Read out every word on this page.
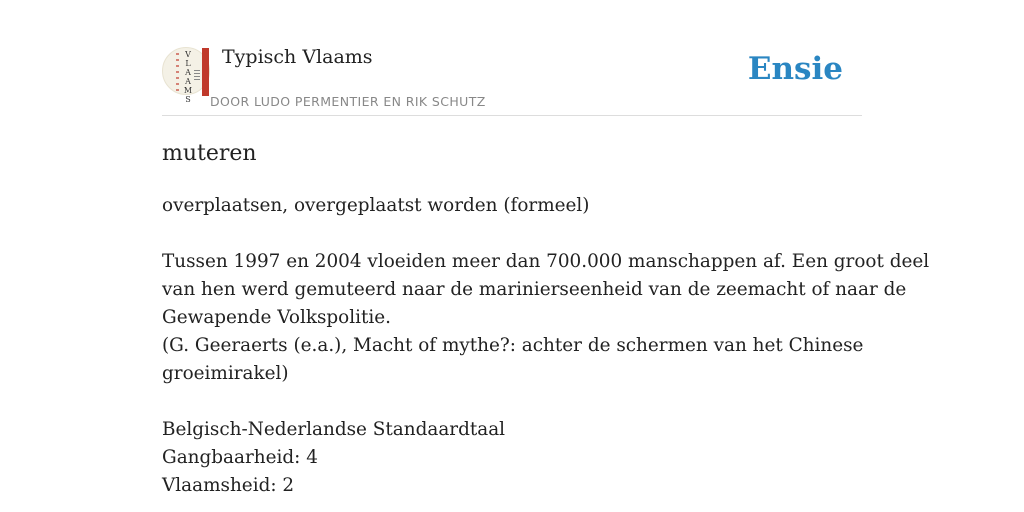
V
L
A
A
M
S
Typisch Vlaams
DOOR LUDO PERMENTIER EN RIK SCHUTZ
Ensie
muteren

overplaatsen, overgeplaatst worden (formeel)

Tussen 1997 en 2004 vloeiden meer dan 700.000 manschappen af. Een groot deel
van hen werd gemuteerd naar de marinierseenheid van de zeemacht of naar de
Gewapende Volkspolitie.
(G. Geeraerts (e.a.), Macht of mythe?: achter de schermen van het Chinese
groeimirakel)

Belgisch-Nederlandse Standaardtaal
Gangbaarheid: 4
Vlaamsheid: 2
